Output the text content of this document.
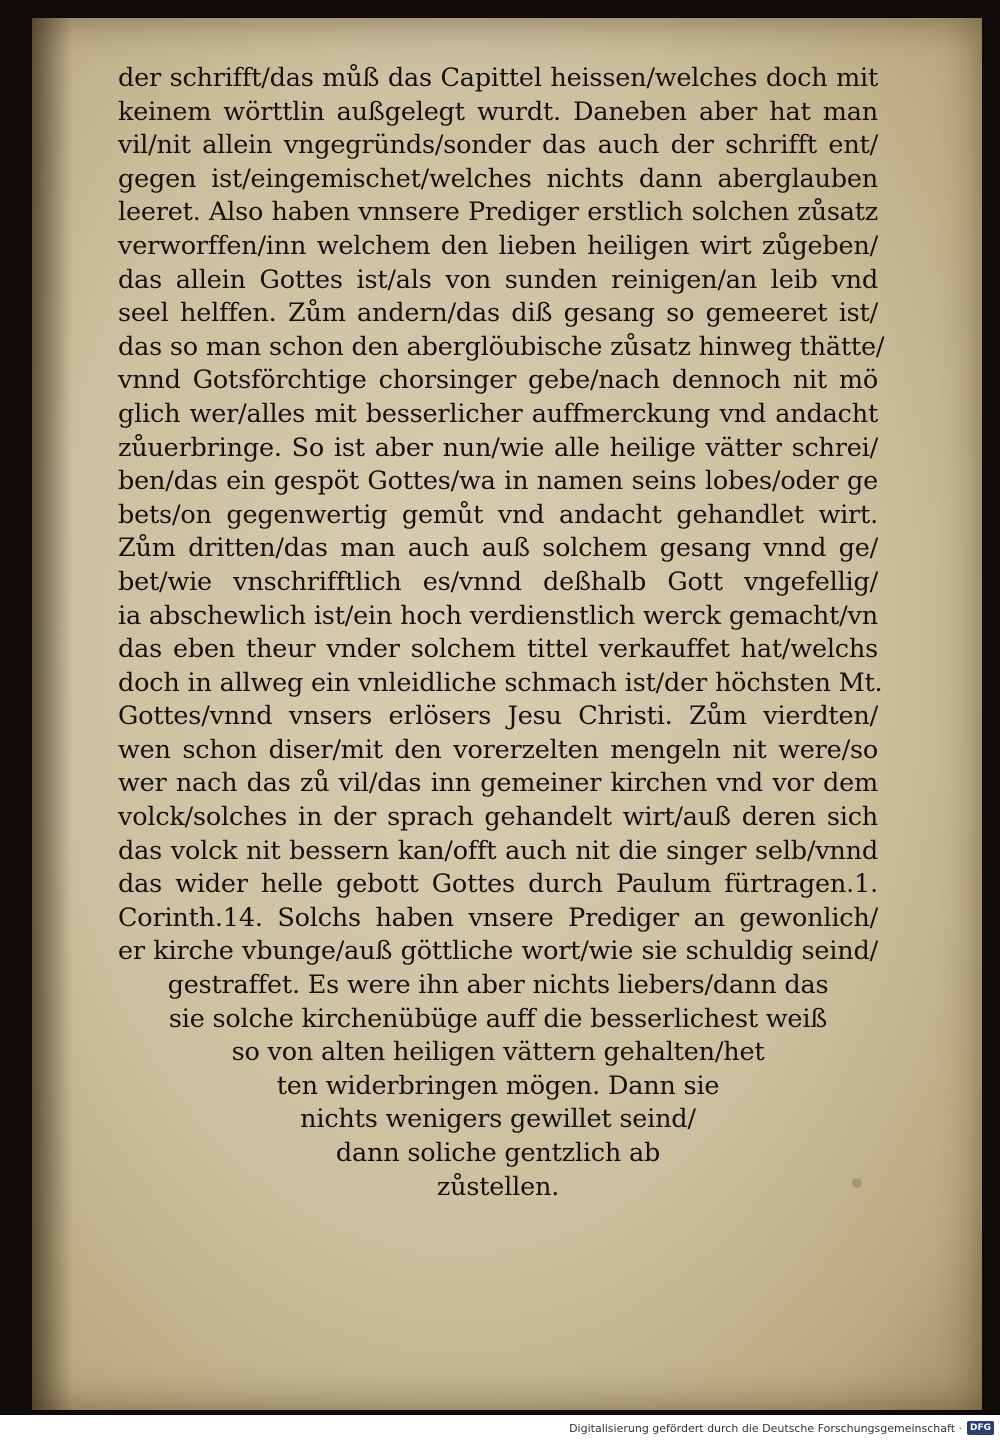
der schrifft/das můß das Capittel heissen/welches doch mit
keinem wörttlin außgelegt wurdt. Daneben aber hat man
vil/nit allein vngegründs/sonder das auch der schrifft ent/
gegen ist/eingemischet/welches nichts dann aberglauben
leeret. Also haben vnnsere Prediger erstlich solchen zůsatz
verworffen/inn welchem den lieben heiligen wirt zůgeben/
das allein Gottes ist/als von sunden reinigen/an leib vnd
seel helffen. Zům andern/das diß gesang so gemeeret ist/
das so man schon den aberglöubische zůsatz hinweg thätte/
vnnd Gotsförchtige chorsinger gebe/nach dennoch nit mö
glich wer/alles mit besserlicher auffmerckung vnd andacht
zůuerbringe. So ist aber nun/wie alle heilige vätter schrei/
ben/das ein gespöt Gottes/wa in namen seins lobes/oder ge
bets/on gegenwertig gemůt vnd andacht gehandlet wirt.
Zům dritten/das man auch auß solchem gesang vnnd ge/
bet/wie vnschrifftlich es/vnnd deßhalb Gott vngefellig/
ia abschewlich ist/ein hoch verdienstlich werck gemacht/vn
das eben theur vnder solchem tittel verkauffet hat/welchs
doch in allweg ein vnleidliche schmach ist/der höchsten Mt.
Gottes/vnnd vnsers erlösers Jesu Christi. Zům vierdten/
wen schon diser/mit den vorerzelten mengeln nit were/so
wer nach das zů vil/das inn gemeiner kirchen vnd vor dem
volck/solches in der sprach gehandelt wirt/auß deren sich
das volck nit bessern kan/offt auch nit die singer selb/vnnd
das wider helle gebott Gottes durch Paulum fürtragen.1.
Corinth.14. Solchs haben vnsere Prediger an gewonlich/
er kirche vbunge/auß göttliche wort/wie sie schuldig seind/
gestraffet. Es were ihn aber nichts liebers/dann das
sie solche kirchenübüge auff die besserlichest weiß
so von alten heiligen vättern gehalten/het
ten widerbringen mögen. Dann sie
nichts wenigers gewillet seind/
dann soliche gentzlich ab
zůstellen.
Digitalisierung gefördert durch die Deutsche Forschungsgemeinschaft · DFG
